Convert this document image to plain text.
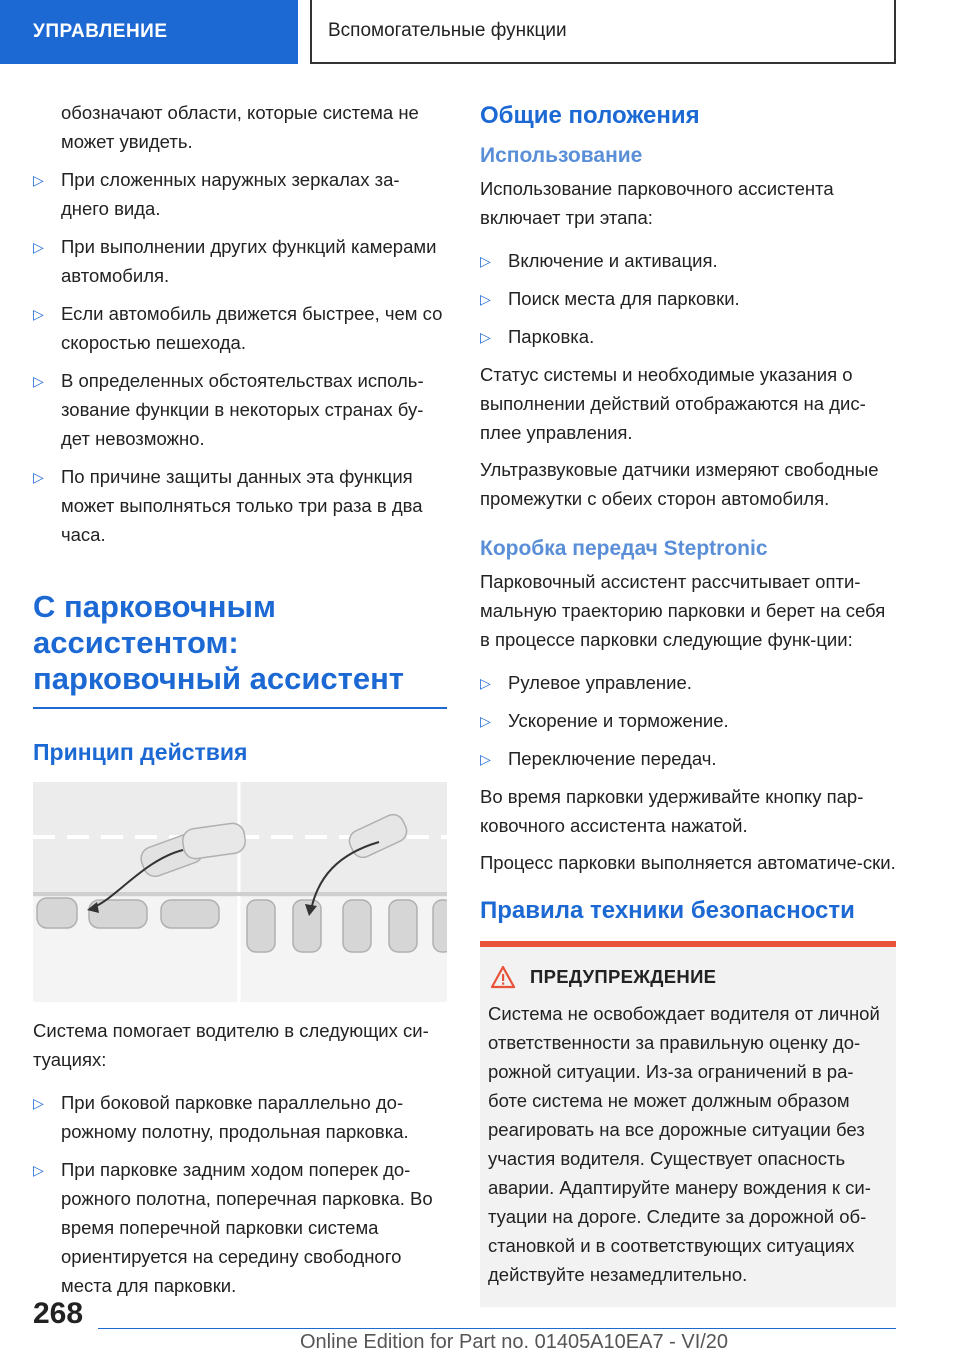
УПРАВЛЕНИЕ	Вспомогательные функции
обозначают области, которые система не может увидеть.
▷ При сложенных наружных зеркалах за-днего вида.
▷ При выполнении других функций камерами автомобиля.
▷ Если автомобиль движется быстрее, чем со скоростью пешехода.
▷ В определенных обстоятельствах исполь-зование функции в некоторых странах бу-дет невозможно.
▷ По причине защиты данных эта функция может выполняться только три раза в два часа.
С парковочным ассистентом: парковочный ассистент
Принцип действия

Система помогает водителю в следующих си-туациях:

▷ При боковой парковке параллельно до-рожному полотну, продольная парковка.
▷ При парковке задним ходом поперек до-рожного полотна, поперечная парковка. Во время поперечной парковки система ориентируется на середину свободного места для парковки.
Общие положения
Использование

Использование парковочного ассистента включает три этапа:

▷ Включение и активация.
▷ Поиск места для парковки.
▷ Парковка.

Статус системы и необходимые указания о выполнении действий отображаются на дис-плее управления.

Ультразвуковые датчики измеряют свободные промежутки с обеих сторон автомобиля.

Коробка передач Steptronic

Парковочный ассистент рассчитывает опти-мальную траекторию парковки и берет на себя в процессе парковки следующие функ-ции:

▷ Рулевое управление.
▷ Ускорение и торможение.
▷ Переключение передач.

Во время парковки удерживайте кнопку пар-ковочного ассистента нажатой.

Процесс парковки выполняется автоматиче-ски.

Правила техники безопасности
ПРЕДУПРЕЖДЕНИЕ

Система не освобождает водителя от личной ответственности за правильную оценку до-рожной ситуации. Из-за ограничений в ра-боте система не может должным образом реагировать на все дорожные ситуации без участия водителя. Существует опасность аварии. Адаптируйте манеру вождения к си-туации на дороге. Следите за дорожной об-становкой и в соответствующих ситуациях действуйте незамедлительно.

268
Online Edition for Part no. 01405A10EA7 - VI/20
